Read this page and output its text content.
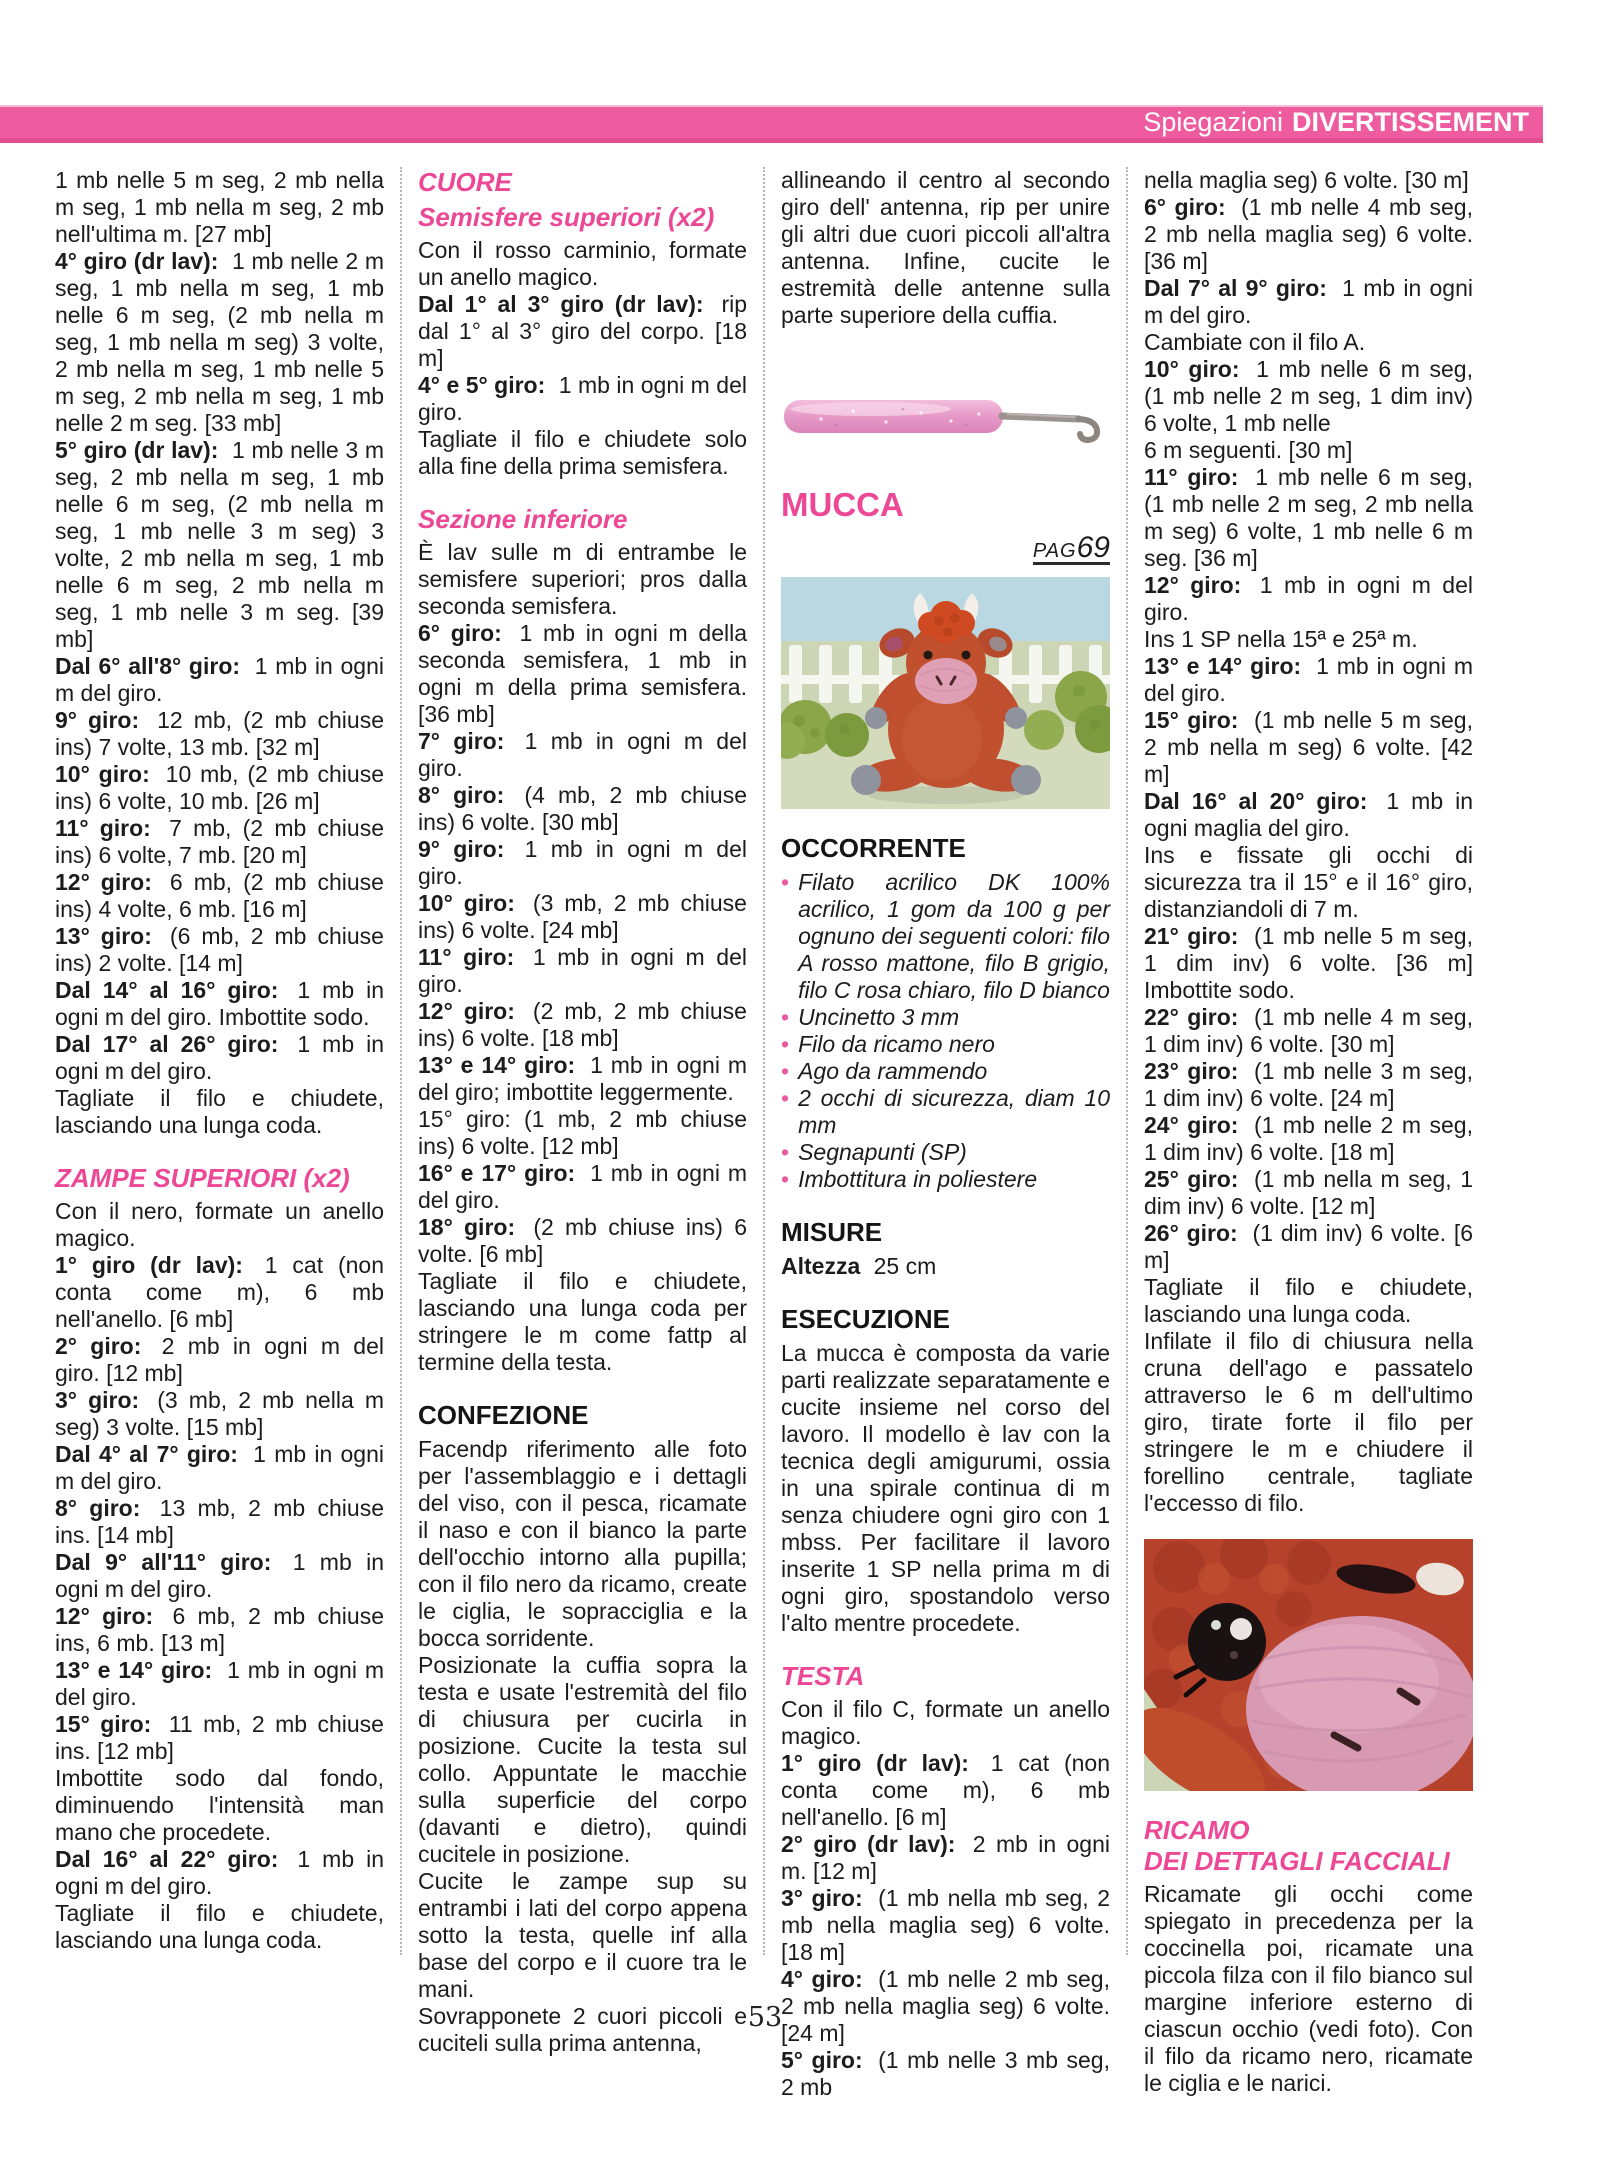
Spiegazioni DIVERTISSEMENT

1 mb nelle 5 m seg, 2 mb nella m seg, 1 mb nella m seg, 2 mb nell'ultima m. [27 mb]

4° giro (dr lav): 1 mb nelle 2 m seg, 1 mb nella m seg, 1 mb nelle 6 m seg, (2 mb nella m seg, 1 mb nella m seg) 3 volte, 2 mb nella m seg, 1 mb nelle 5 m seg, 2 mb nella m seg, 1 mb nelle 2 m seg. [33 mb]

5° giro (dr lav): 1 mb nelle 3 m seg, 2 mb nella m seg, 1 mb nelle 6 m seg, (2 mb nella m seg, 1 mb nelle 3 m seg) 3 volte, 2 mb nella m seg, 1 mb nelle 6 m seg, 2 mb nella m seg, 1 mb nelle 3 m seg. [39 mb]

Dal 6° all'8° giro: 1 mb in ogni m del giro.

9° giro: 12 mb, (2 mb chiuse ins) 7 volte, 13 mb. [32 m]

10° giro: 10 mb, (2 mb chiuse ins) 6 volte, 10 mb. [26 m]

11° giro: 7 mb, (2 mb chiuse ins) 6 volte, 7 mb. [20 m]

12° giro: 6 mb, (2 mb chiuse ins) 4 volte, 6 mb. [16 m]

13° giro: (6 mb, 2 mb chiuse ins) 2 volte. [14 m]

Dal 14° al 16° giro: 1 mb in ogni m del giro. Imbottite sodo.

Dal 17° al 26° giro: 1 mb in ogni m del giro.

Tagliate il filo e chiudete, lasciando una lunga coda.

ZAMPE SUPERIORI (x2)

Con il nero, formate un anello magico.

1° giro (dr lav): 1 cat (non conta come m), 6 mb nell'anello. [6 mb]

2° giro: 2 mb in ogni m del giro. [12 mb]

3° giro: (3 mb, 2 mb nella m seg) 3 volte. [15 mb]

Dal 4° al 7° giro: 1 mb in ogni m del giro.

8° giro: 13 mb, 2 mb chiuse ins. [14 mb]

Dal 9° all'11° giro: 1 mb in ogni m del giro.

12° giro: 6 mb, 2 mb chiuse ins, 6 mb. [13 m]

13° e 14° giro: 1 mb in ogni m del giro.

15° giro: 11 mb, 2 mb chiuse ins. [12 mb]

Imbottite sodo dal fondo, diminuendo l'intensità man mano che procedete.

Dal 16° al 22° giro: 1 mb in ogni m del giro.

Tagliate il filo e chiudete, lasciando una lunga coda.

CUORE
Semisfere superiori (x2)

Con il rosso carminio, formate un anello magico.

Dal 1° al 3° giro (dr lav): rip dal 1° al 3° giro del corpo. [18 m]

4° e 5° giro: 1 mb in ogni m del giro.

Tagliate il filo e chiudete solo alla fine della prima semisfera.

Sezione inferiore

È lav sulle m di entrambe le semisfere superiori; pros dalla seconda semisfera.

6° giro: 1 mb in ogni m della seconda semisfera, 1 mb in ogni m della prima semisfera. [36 mb]

7° giro: 1 mb in ogni m del giro.

8° giro: (4 mb, 2 mb chiuse ins) 6 volte. [30 mb]

9° giro: 1 mb in ogni m del giro.

10° giro: (3 mb, 2 mb chiuse ins) 6 volte. [24 mb]

11° giro: 1 mb in ogni m del giro.

12° giro: (2 mb, 2 mb chiuse ins) 6 volte. [18 mb]

13° e 14° giro: 1 mb in ogni m del giro; imbottite leggermente.

15° giro: (1 mb, 2 mb chiuse ins) 6 volte. [12 mb]

16° e 17° giro: 1 mb in ogni m del giro.

18° giro: (2 mb chiuse ins) 6 volte. [6 mb]

Tagliate il filo e chiudete, lasciando una lunga coda per stringere le m come fattp al termine della testa.

CONFEZIONE

Facendp riferimento alle foto per l'assemblaggio e i dettagli del viso, con il pesca, ricamate il naso e con il bianco la parte dell'occhio intorno alla pupilla; con il filo nero da ricamo, create le ciglia, le sopracciglia e la bocca sorridente.

Posizionate la cuffia sopra la testa e usate l'estremità del filo di chiusura per cucirla in posizione. Cucite la testa sul collo. Appuntate le macchie sulla superficie del corpo (davanti e dietro), quindi cucitele in posizione.

Cucite le zampe sup su entrambi i lati del corpo appena sotto la testa, quelle inf alla base del corpo e il cuore tra le mani.

Sovrapponete 2 cuori piccoli e cuciteli sulla prima antenna,

allineando il centro al secondo giro dell' antenna, rip per unire gli altri due cuori piccoli all'altra antenna. Infine, cucite le estremità delle antenne sulla parte superiore della cuffia.

MUCCA

PAG69

OCCORRENTE
• Filato acrilico DK 100% acrilico, 1 gom da 100 g per ognuno dei seguenti colori: filo A rosso mattone, filo B grigio, filo C rosa chiaro, filo D bianco
• Uncinetto 3 mm
• Filo da ricamo nero
• Ago da rammendo
• 2 occhi di sicurezza, diam 10 mm
• Segnapunti (SP)
• Imbottitura in poliestere
MISURE

Altezza 25 cm

ESECUZIONE

La mucca è composta da varie parti realizzate separatamente e cucite insieme nel corso del lavoro. Il modello è lav con la tecnica degli amigurumi, ossia in una spirale continua di m senza chiudere ogni giro con 1 mbss. Per facilitare il lavoro inserite 1 SP nella prima m di ogni giro, spostandolo verso l'alto mentre procedete.

TESTA

Con il filo C, formate un anello magico.

1° giro (dr lav): 1 cat (non conta come m), 6 mb nell'anello. [6 m]

2° giro (dr lav): 2 mb in ogni m. [12 m]

3° giro: (1 mb nella mb seg, 2 mb nella maglia seg) 6 volte. [18 m]

4° giro: (1 mb nelle 2 mb seg, 2 mb nella maglia seg) 6 volte. [24 m]

5° giro: (1 mb nelle 3 mb seg, 2 mb

nella maglia seg) 6 volte. [30 m]

6° giro: (1 mb nelle 4 mb seg, 2 mb nella maglia seg) 6 volte. [36 m]

Dal 7° al 9° giro: 1 mb in ogni m del giro.

Cambiate con il filo A.

10° giro: 1 mb nelle 6 m seg, (1 mb nelle 2 m seg, 1 dim inv) 6 volte, 1 mb nelle

6 m seguenti. [30 m]

11° giro: 1 mb nelle 6 m seg, (1 mb nelle 2 m seg, 2 mb nella m seg) 6 volte, 1 mb nelle 6 m seg. [36 m]

12° giro: 1 mb in ogni m del giro.

Ins 1 SP nella 15ª e 25ª m.

13° e 14° giro: 1 mb in ogni m del giro.

15° giro: (1 mb nelle 5 m seg, 2 mb nella m seg) 6 volte. [42 m]

Dal 16° al 20° giro: 1 mb in ogni maglia del giro.

Ins e fissate gli occhi di sicurezza tra il 15° e il 16° giro, distanziandoli di 7 m.

21° giro: (1 mb nelle 5 m seg, 1 dim inv) 6 volte. [36 m] Imbottite sodo.

22° giro: (1 mb nelle 4 m seg, 1 dim inv) 6 volte. [30 m]

23° giro: (1 mb nelle 3 m seg, 1 dim inv) 6 volte. [24 m]

24° giro: (1 mb nelle 2 m seg, 1 dim inv) 6 volte. [18 m]

25° giro: (1 mb nella m seg, 1 dim inv) 6 volte. [12 m]

26° giro: (1 dim inv) 6 volte. [6 m]

Tagliate il filo e chiudete, lasciando una lunga coda.

Infilate il filo di chiusura nella cruna dell'ago e passatelo attraverso le 6 m dell'ultimo giro, tirate forte il filo per stringere le m e chiudere il forellino centrale, tagliate l'eccesso di filo.

RICAMO
DEI DETTAGLI FACCIALI

Ricamate gli occhi come spiegato in precedenza per la coccinella poi, ricamate una piccola filza con il filo bianco sul margine inferiore esterno di ciascun occhio (vedi foto). Con il filo da ricamo nero, ricamate le ciglia e le narici.

53
